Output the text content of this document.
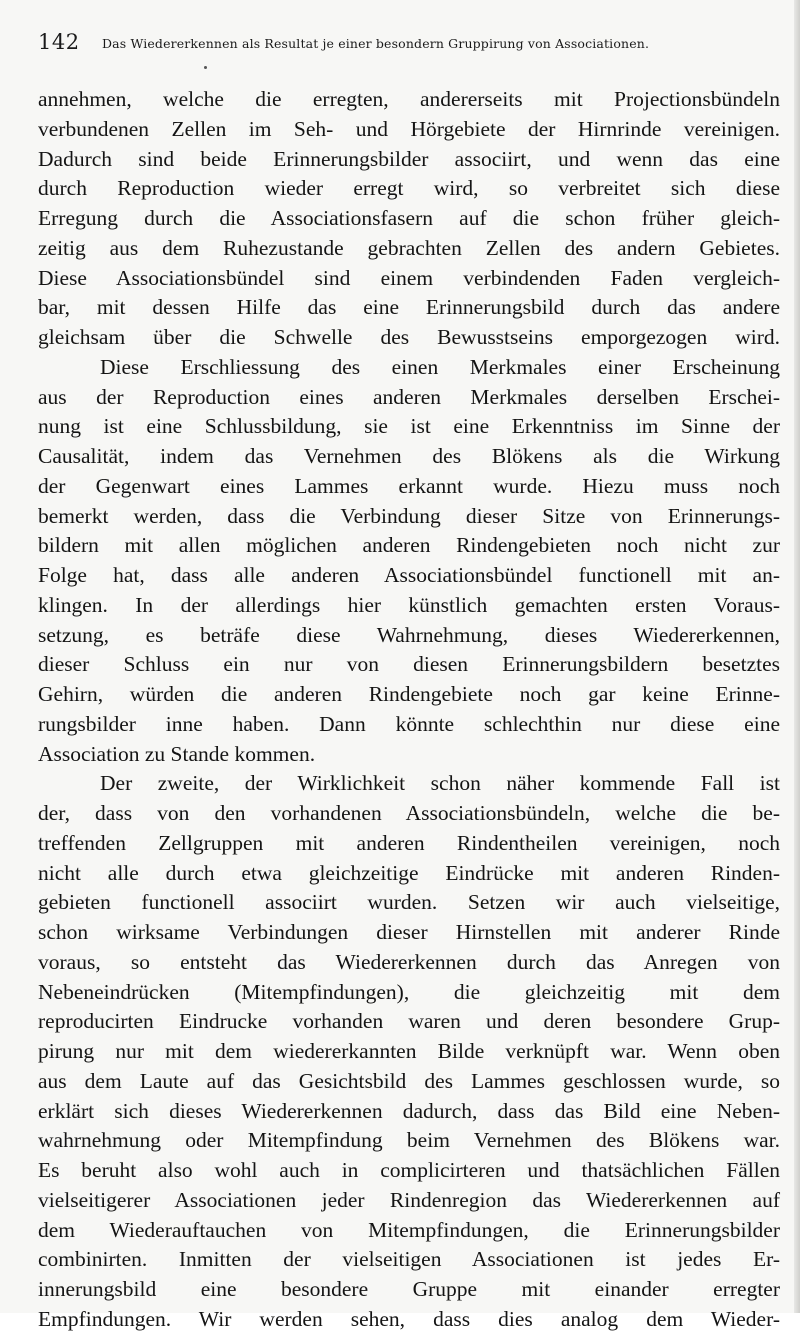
142 Das Wiedererkennen als Resultat je einer besondern Gruppirung von Associationen.
annehmen, welche die erregten, andererseits mit Projectionsbündeln
verbundenen Zellen im Seh- und Hörgebiete der Hirnrinde vereinigen.
Dadurch sind beide Erinnerungsbilder associirt, und wenn das eine
durch Reproduction wieder erregt wird, so verbreitet sich diese
Erregung durch die Associationsfasern auf die schon früher gleich-
zeitig aus dem Ruhezustande gebrachten Zellen des andern Gebietes.
Diese Associationsbündel sind einem verbindenden Faden vergleich-
bar, mit dessen Hilfe das eine Erinnerungsbild durch das andere
gleichsam über die Schwelle des Bewusstseins emporgezogen wird.
Diese Erschliessung des einen Merkmales einer Erscheinung
aus der Reproduction eines anderen Merkmales derselben Erschei-
nung ist eine Schlussbildung, sie ist eine Erkenntniss im Sinne der
Causalität, indem das Vernehmen des Blökens als die Wirkung
der Gegenwart eines Lammes erkannt wurde. Hiezu muss noch
bemerkt werden, dass die Verbindung dieser Sitze von Erinnerungs-
bildern mit allen möglichen anderen Rindengebieten noch nicht zur
Folge hat, dass alle anderen Associationsbündel functionell mit an-
klingen. In der allerdings hier künstlich gemachten ersten Voraus-
setzung, es beträfe diese Wahrnehmung, dieses Wiedererkennen,
dieser Schluss ein nur von diesen Erinnerungsbildern besetztes
Gehirn, würden die anderen Rindengebiete noch gar keine Erinne-
rungsbilder inne haben. Dann könnte schlechthin nur diese eine
Association zu Stande kommen.
Der zweite, der Wirklichkeit schon näher kommende Fall ist
der, dass von den vorhandenen Associationsbündeln, welche die be-
treffenden Zellgruppen mit anderen Rindentheilen vereinigen, noch
nicht alle durch etwa gleichzeitige Eindrücke mit anderen Rinden-
gebieten functionell associirt wurden. Setzen wir auch vielseitige,
schon wirksame Verbindungen dieser Hirnstellen mit anderer Rinde
voraus, so entsteht das Wiedererkennen durch das Anregen von
Nebeneindrücken (Mitempfindungen), die gleichzeitig mit dem
reproducirten Eindrucke vorhanden waren und deren besondere Grup-
pirung nur mit dem wiedererkannten Bilde verknüpft war. Wenn oben
aus dem Laute auf das Gesichtsbild des Lammes geschlossen wurde, so
erklärt sich dieses Wiedererkennen dadurch, dass das Bild eine Neben-
wahrnehmung oder Mitempfindung beim Vernehmen des Blökens war.
Es beruht also wohl auch in complicirteren und thatsächlichen Fällen
vielseitigerer Associationen jeder Rindenregion das Wiedererkennen auf
dem Wiederauftauchen von Mitempfindungen, die Erinnerungsbilder
combinirten. Inmitten der vielseitigen Associationen ist jedes Er-
innerungsbild eine besondere Gruppe mit einander erregter
Empfindungen. Wir werden sehen, dass dies analog dem Wieder-
